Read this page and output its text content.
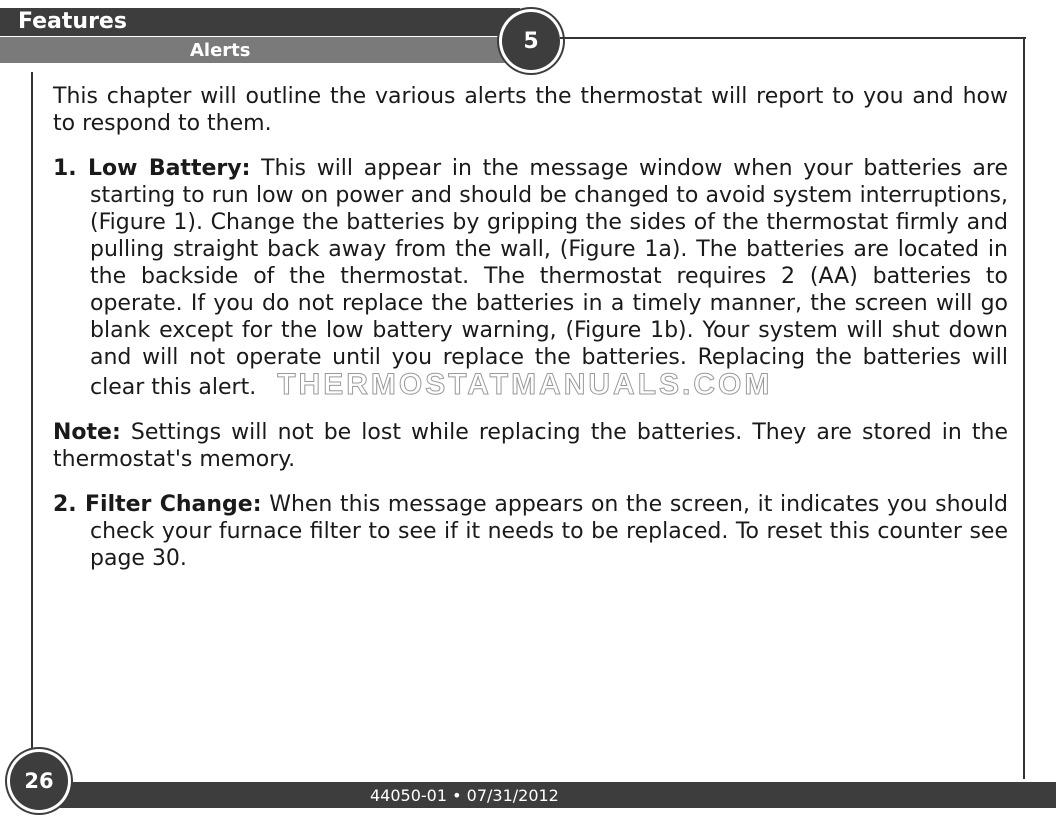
Features
Alerts	5

This chapter will outline the various alerts the thermostat will report to you and how to respond to them.

1. Low Battery: This will appear in the message window when your batteries are starting to run low on power and should be changed to avoid system interruptions, (Figure 1). Change the batteries by gripping the sides of the thermostat firmly and pulling straight back away from the wall, (Figure 1a). The batteries are located in the backside of the thermostat. The thermostat requires 2 (AA) batteries to operate. If you do not replace the batteries in a timely manner, the screen will go blank except for the low battery warning, (Figure 1b). Your system will shut down and will not operate until you replace the batteries. Replacing the batteries will clear this alert. THERMOSTATMANUALS.COM

Note: Settings will not be lost while replacing the batteries. They are stored in the thermostat's memory.

2. Filter Change: When this message appears on the screen, it indicates you should check your furnace filter to see if it needs to be replaced. To reset this counter see page 30.

44050-01 • 07/31/2012
26
